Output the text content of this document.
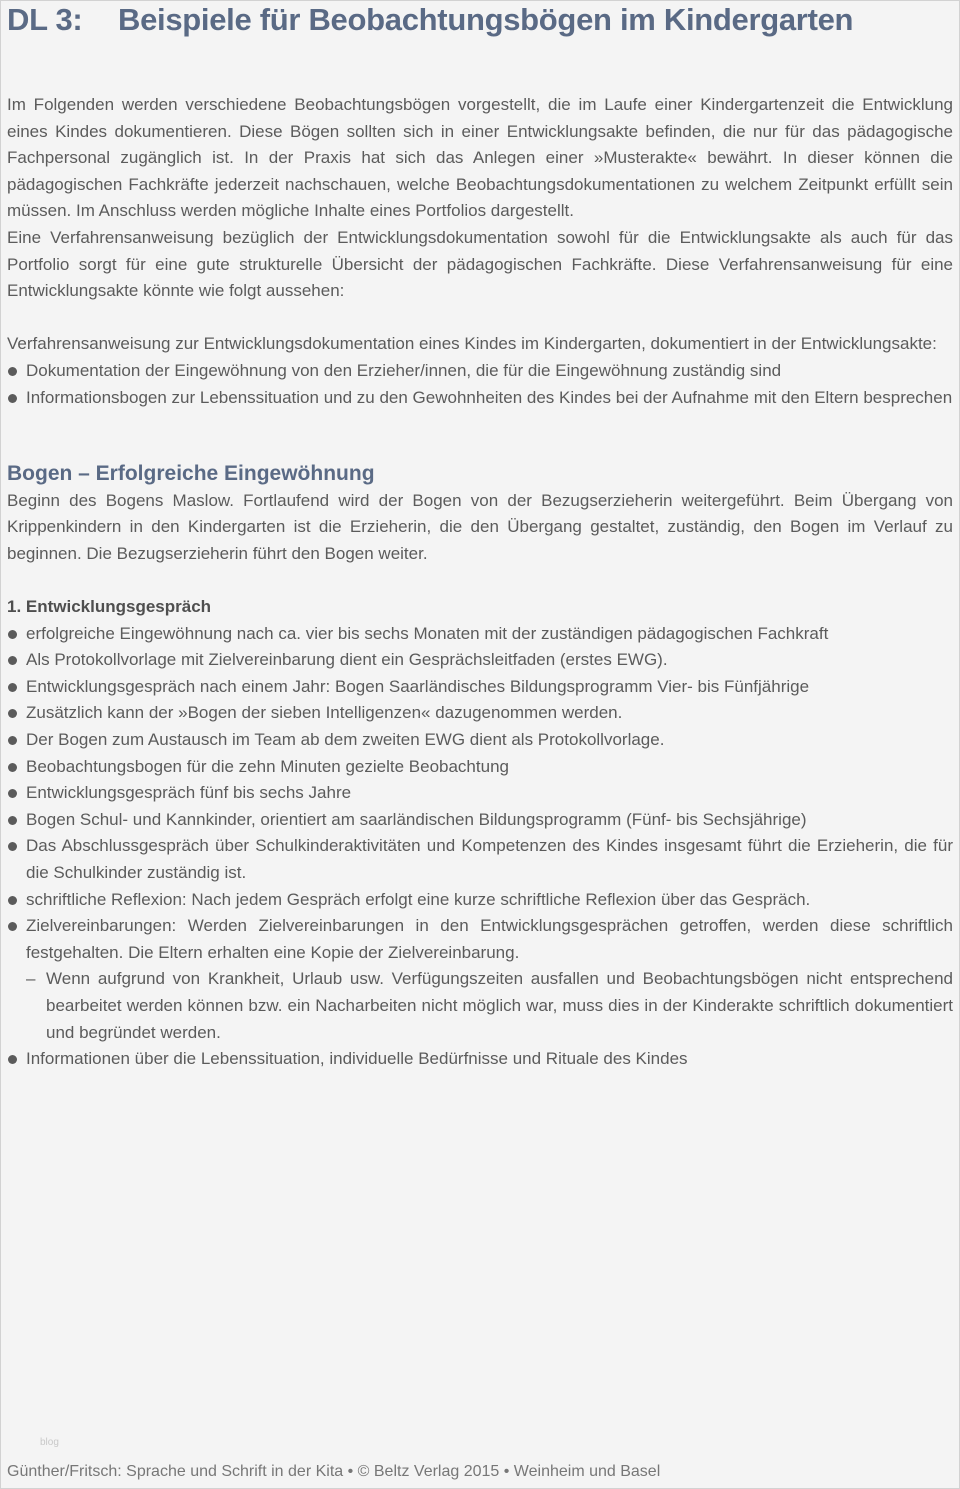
DL 3: Beispiele für Beobachtungsbögen im Kindergarten

Im Folgenden werden verschiedene Beobachtungsbögen vorgestellt, die im Laufe einer Kindergartenzeit die Entwicklung eines Kindes dokumentieren. Diese Bögen sollten sich in einer Entwicklungsakte befinden, die nur für das pädagogische Fachpersonal zugänglich ist. In der Praxis hat sich das Anlegen einer »Musterakte« bewährt. In dieser können die pädagogischen Fachkräfte jederzeit nachschauen, welche Beobachtungsdokumentationen zu welchem Zeitpunkt erfüllt sein müssen. Im Anschluss werden mögliche Inhalte eines Portfolios dargestellt.

Eine Verfahrensanweisung bezüglich der Entwicklungsdokumentation sowohl für die Entwicklungsakte als auch für das Portfolio sorgt für eine gute strukturelle Übersicht der pädagogischen Fachkräfte. Diese Verfahrensanweisung für eine Entwicklungsakte könnte wie folgt aussehen:

Verfahrensanweisung zur Entwicklungsdokumentation eines Kindes im Kindergarten, dokumentiert in der Entwicklungsakte:

Dokumentation der Eingewöhnung von den Erzieher/innen, die für die Eingewöhnung zuständig sind
Informationsbogen zur Lebenssituation und zu den Gewohnheiten des Kindes bei der Aufnahme mit den Eltern besprechen
Bogen – Erfolgreiche Eingewöhnung

Beginn des Bogens Maslow. Fortlaufend wird der Bogen von der Bezugserzieherin weitergeführt. Beim Übergang von Krippenkindern in den Kindergarten ist die Erzieherin, die den Übergang gestaltet, zuständig, den Bogen im Verlauf zu beginnen. Die Bezugserzieherin führt den Bogen weiter.

1. Entwicklungsgespräch
erfolgreiche Eingewöhnung nach ca. vier bis sechs Monaten mit der zuständigen pädagogischen Fachkraft
Als Protokollvorlage mit Zielvereinbarung dient ein Gesprächsleitfaden (erstes EWG).
Entwicklungsgespräch nach einem Jahr: Bogen Saarländisches Bildungsprogramm Vier- bis Fünfjährige
Zusätzlich kann der »Bogen der sieben Intelligenzen« dazugenommen werden.
Der Bogen zum Austausch im Team ab dem zweiten EWG dient als Protokollvorlage.
Beobachtungsbogen für die zehn Minuten gezielte Beobachtung
Entwicklungsgespräch fünf bis sechs Jahre
Bogen Schul- und Kannkinder, orientiert am saarländischen Bildungsprogramm (Fünf- bis Sechsjährige)
Das Abschlussgespräch über Schulkinderaktivitäten und Kompetenzen des Kindes insgesamt führt die Erzieherin, die für die Schulkinder zuständig ist.
schriftliche Reflexion: Nach jedem Gespräch erfolgt eine kurze schriftliche Reflexion über das Gespräch.
Zielvereinbarungen: Werden Zielvereinbarungen in den Entwicklungsgesprächen getroffen, werden diese schriftlich festgehalten. Die Eltern erhalten eine Kopie der Zielvereinbarung.
– Wenn aufgrund von Krankheit, Urlaub usw. Verfügungszeiten ausfallen und Beobachtungsbögen nicht entsprechend bearbeitet werden können bzw. ein Nacharbeiten nicht möglich war, muss dies in der Kinderakte schriftlich dokumentiert und begründet werden.
Informationen über die Lebenssituation, individuelle Bedürfnisse und Rituale des Kindes
blog
Günther/Fritsch: Sprache und Schrift in der Kita • © Beltz Verlag 2015 • Weinheim und Basel
